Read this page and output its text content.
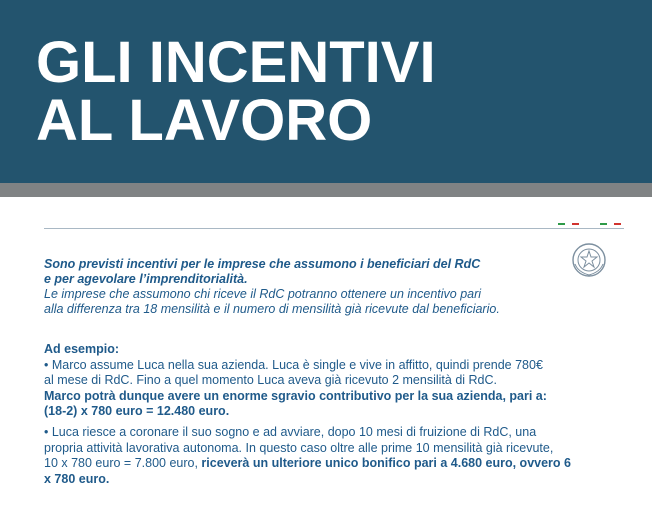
GLI INCENTIVI
AL LAVORO
Sono previsti incentivi per le imprese che assumono i beneficiari del RdC
e per agevolare l’imprenditorialità.
Le imprese che assumono chi riceve il RdC potranno ottenere un incentivo pari
alla differenza tra 18 mensilità e il numero di mensilità già ricevute dal beneficiario.
Ad esempio:
• Marco assume Luca nella sua azienda. Luca è single e vive in affitto, quindi prende 780€
al mese di RdC. Fino a quel momento Luca aveva già ricevuto 2 mensilità di RdC.
Marco potrà dunque avere un enorme sgravio contributivo per la sua azienda, pari a:
(18-2) x 780 euro = 12.480 euro.
• Luca riesce a coronare il suo sogno e ad avviare, dopo 10 mesi di fruizione di RdC, una
propria attività lavorativa autonoma. In questo caso oltre alle prime 10 mensilità già ricevute,
10 x 780 euro = 7.800 euro, riceverà un ulteriore unico bonifico pari a 4.680 euro, ovvero 6
x 780 euro.
